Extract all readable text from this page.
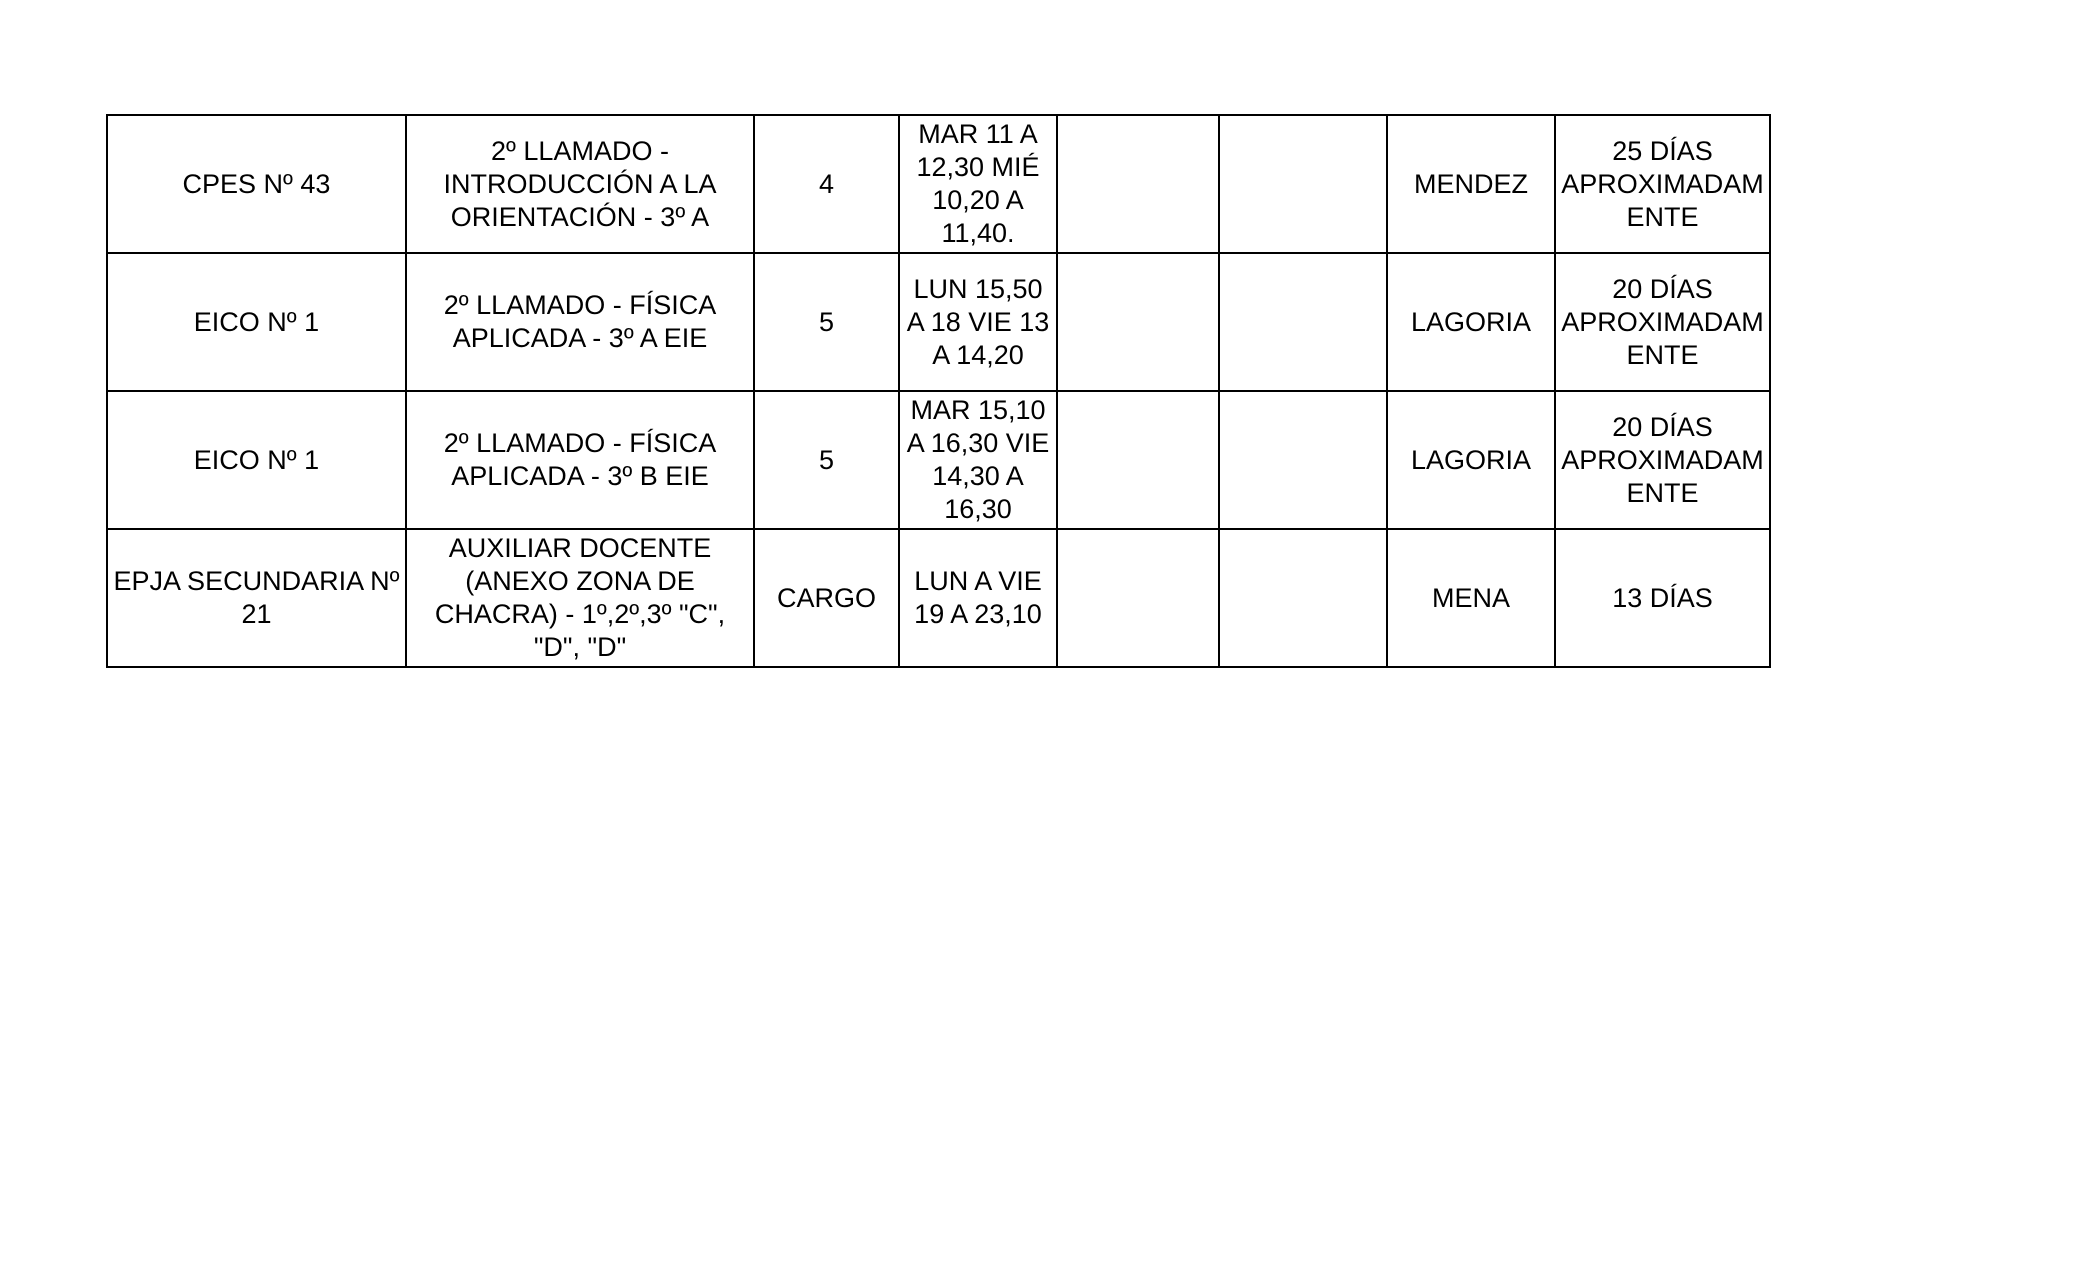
CPES Nº 43	2º LLAMADO - INTRODUCCIÓN A LA ORIENTACIÓN - 3º A	4	MAR 11 A 12,30 MIÉ 10,20 A 11,40.			MENDEZ	25 DÍAS APROXIMADAMENTE
EICO Nº 1	2º LLAMADO - FÍSICA APLICADA - 3º A EIE	5	LUN 15,50 A 18 VIE 13 A 14,20			LAGORIA	20 DÍAS APROXIMADAMENTE
EICO Nº 1	2º LLAMADO - FÍSICA APLICADA - 3º B EIE	5	MAR 15,10 A 16,30 VIE 14,30 A 16,30			LAGORIA	20 DÍAS APROXIMADAMENTE
EPJA SECUNDARIA Nº 21	AUXILIAR DOCENTE (ANEXO ZONA DE CHACRA) - 1º,2º,3º "C", "D", "D"	CARGO	LUN A VIE 19 A 23,10			MENA	13 DÍAS
